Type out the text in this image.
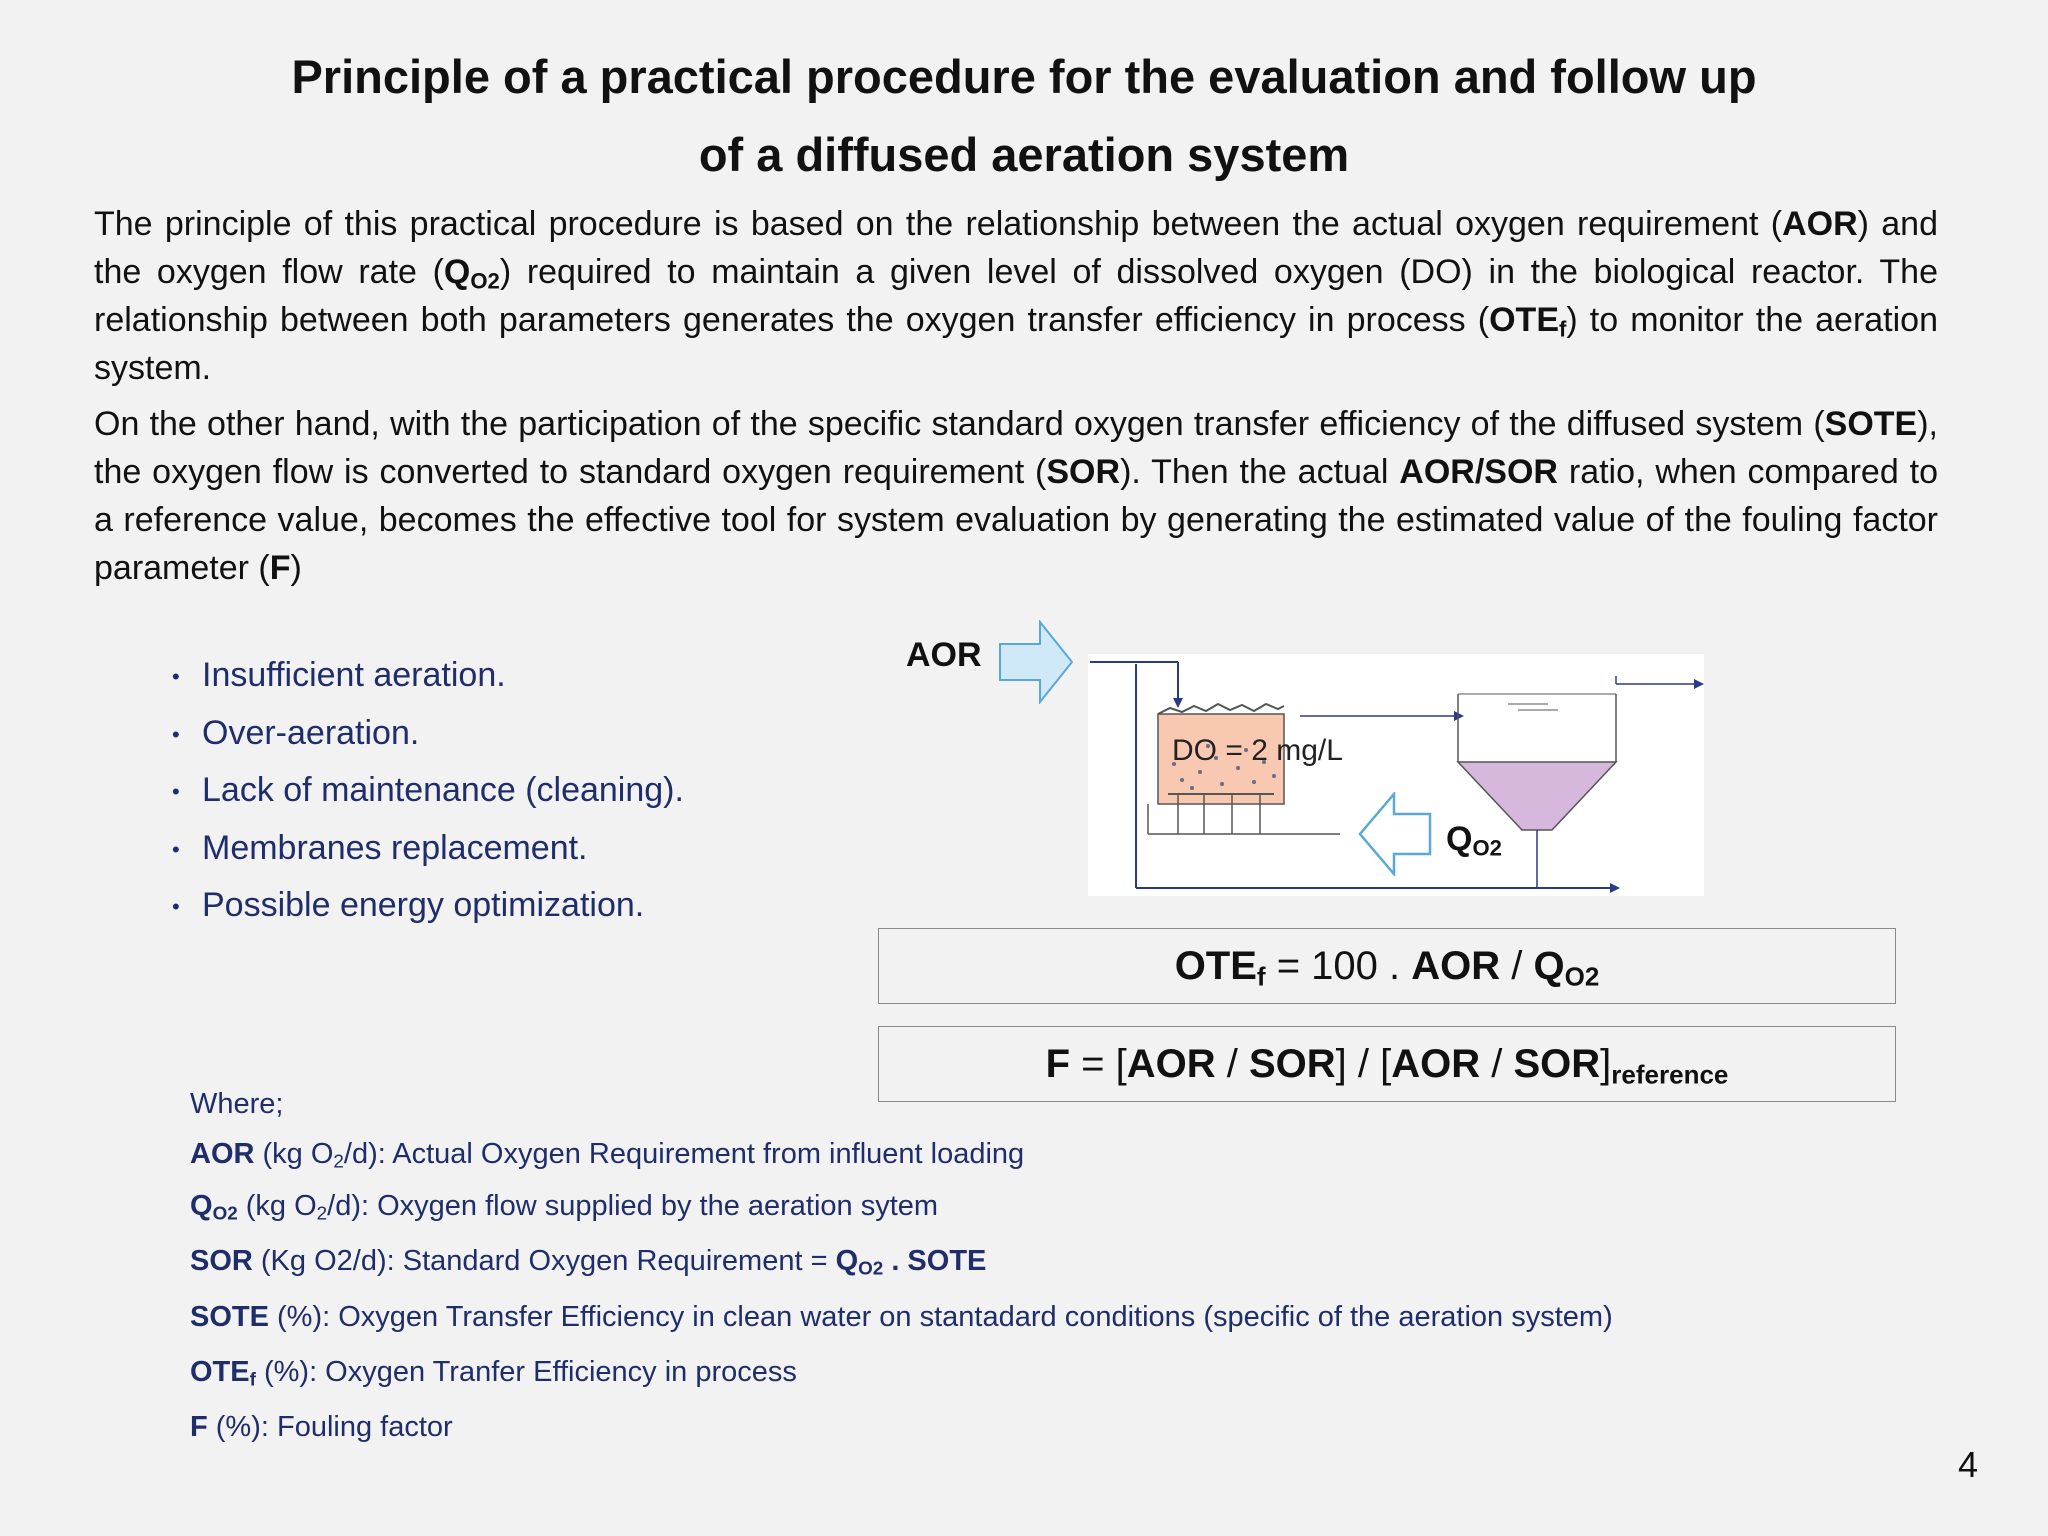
Principle of a practical procedure for the evaluation and follow up
of a diffused aeration system
The principle of this practical procedure is based on the relationship between the actual oxygen requirement (AOR) and the oxygen flow rate $(Q_{O2})$ required to maintain a given level of dissolved oxygen (DO) in the biological reactor. The relationship between both parameters generates the oxygen transfer efficiency in process $(OTE_f)$ to monitor the aeration system.
On the other hand, with the participation of the specific standard oxygen transfer efficiency of the diffused system (SOTE), the oxygen flow is converted to standard oxygen requirement (SOR). Then the actual AOR/SOR ratio, when compared to a reference value, becomes the effective tool for system evaluation by generating the estimated value of the fouling factor parameter (F)
• Insufficient aeration.
• Over-aeration.
• Lack of maintenance (cleaning).
• Membranes replacement.
• Possible energy optimization.
AOR
DO = 2 mg/L
$Q_{O2}$
$OTE_f = 100$ . AOR / $Q_{O2}$
$F = [AOR / SOR] / [AOR / SOR]_{reference}$
Where;
AOR (kg $O_2/d$): Actual Oxygen Requirement from influent loading
$Q_{O2}$ (kg $O_2/d$): Oxygen flow supplied by the aeration sytem
SOR (Kg O2/d): Standard Oxygen Requirement = $Q_{O2}$ . SOTE
SOTE (%): Oxygen Transfer Efficiency in clean water on stantadard conditions (specific of the aeration system)
$OTE_f$ (%): Oxygen Tranfer Efficiency in process
F (%): Fouling factor
4
